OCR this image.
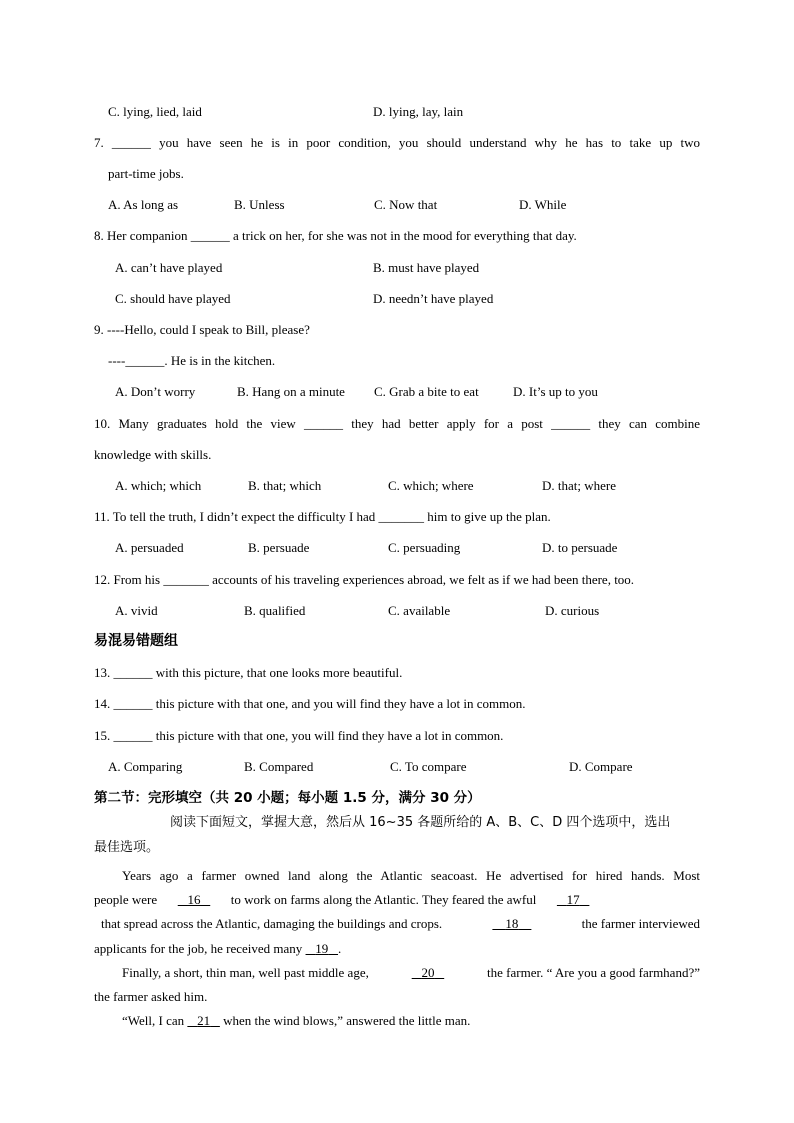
C. lying, lied, laid	D. lying, lay, lain
7. ______ you have seen he is in poor condition, you should understand why he has to take up two
part-time jobs.
A. As long as	B. Unless	C. Now that	D. While
8. Her companion ______ a trick on her, for she was not in the mood for everything that day.
A. can’t have played	B. must have played
C. should have played	D. needn’t have played
9. ----Hello, could I speak to Bill, please?
----______. He is in the kitchen.
A. Don’t worry	B. Hang on a minute C. Grab a bite to eat	D. It’s up to you
10. Many graduates hold the view ______ they had better apply for a post ______ they can combine
knowledge with skills.
A. which; which	B. that; which	C. which; where	D. that; where
11. To tell the truth, I didn’t expect the difficulty I had _______ him to give up the plan.
A. persuaded	B. persuade	C. persuading	D. to persuade
12. From his _______ accounts of his traveling experiences abroad, we felt as if we had been there, too.
A. vivid	B. qualified	C. available	D. curious
易混易错题组
13. ______ with this picture, that one looks more beautiful.
14. ______ this picture with that one, and you will find they have a lot in common.
15. ______ this picture with that one, you will find they have a lot in common.
A. Comparing	B. Compared	C. To compare	D. Compare
第二节：完形填空（共 20 小题；每小题 1.5 分，满分 30 分）
阅读下面短文，掌握大意，然后从 16~35 各题所给的 A、B、C、D 四个选项中，选出
最佳选项。
Years ago a farmer owned land along the Atlantic seacoast. He advertised for hired hands. Most
people were	16	to work on farms along the Atlantic. They feared the awful	17
that spread across the Atlantic, damaging the buildings and crops.	18	the farmer interviewed
applicants for the job, he received many 19 .
Finally, a short, thin man, well past middle age,	20	the farmer. “ Are you a good farmhand?”
the farmer asked him.
“Well, I can 21 when the wind blows,” answered the little man.
